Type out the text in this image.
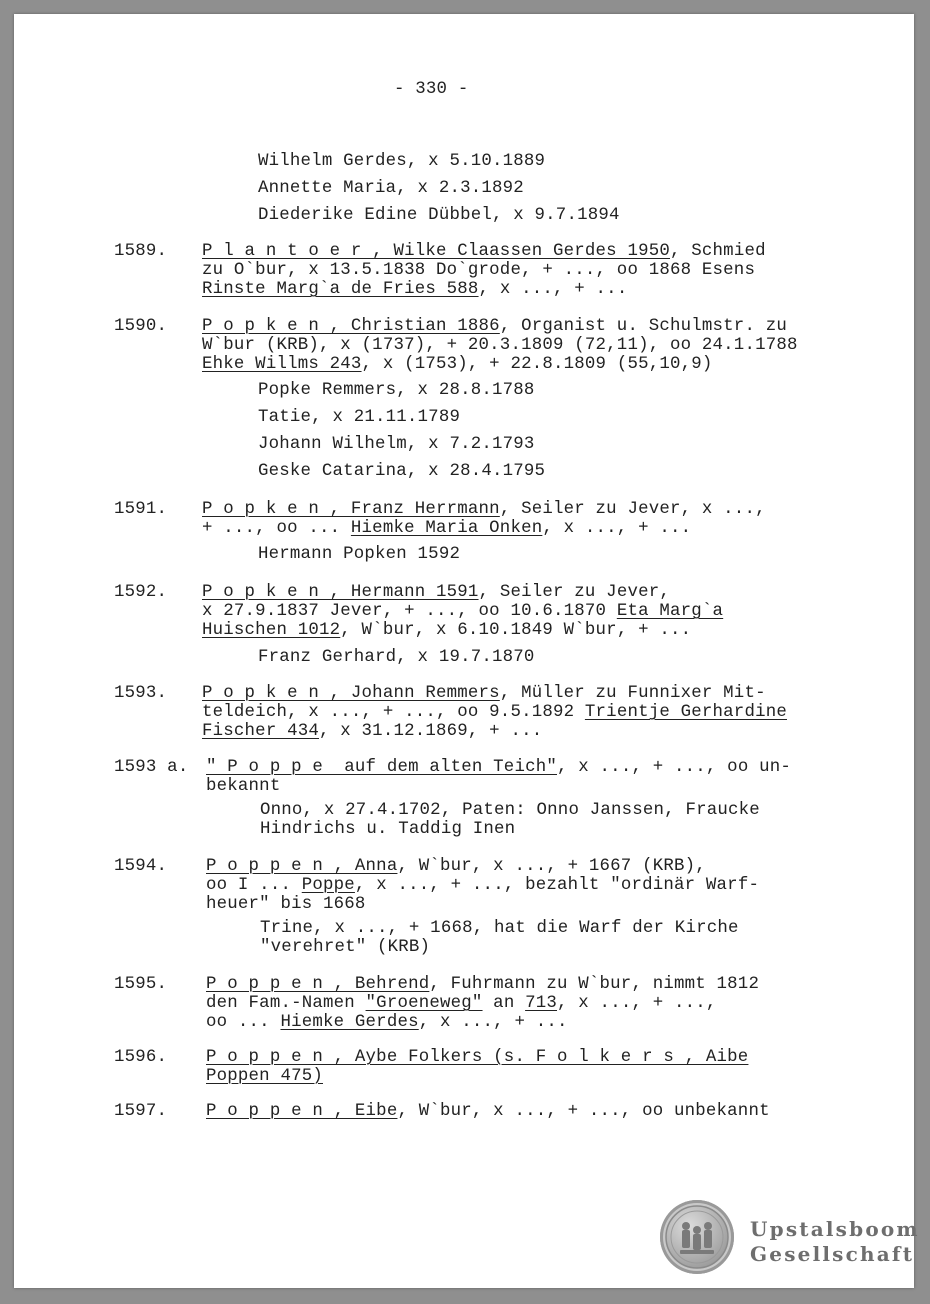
- 330 -
Wilhelm Gerdes, x 5.10.1889
Annette Maria, x 2.3.1892
Diederike Edine Dübbel, x 9.7.1894
1589. P l a n t o e r , Wilke Claassen Gerdes 1950, Schmied
zu O`bur, x 13.5.1838 Do`grode, + ..., oo 1868 Esens
Rinste Marg`a de Fries 588, x ..., + ...
1590. P o p k e n , Christian 1886, Organist u. Schulmstr. zu
W`bur (KRB), x (1737), + 20.3.1809 (72,11), oo 24.1.1788
Ehke Willms 243, x (1753), + 22.8.1809 (55,10,9)
Popke Remmers, x 28.8.1788
Tatie, x 21.11.1789
Johann Wilhelm, x 7.2.1793
Geske Catarina, x 28.4.1795
1591. P o p k e n , Franz Herrmann, Seiler zu Jever, x ...,
+ ..., oo ... Hiemke Maria Onken, x ..., + ...
Hermann Popken 1592
1592. P o p k e n , Hermann 1591, Seiler zu Jever,
x 27.9.1837 Jever, + ..., oo 10.6.1870 Eta Marg`a
Huischen 1012, W`bur, x 6.10.1849 W`bur, + ...
Franz Gerhard, x 19.7.1870
1593. P o p k e n , Johann Remmers, Müller zu Funnixer Mit-
teldeich, x ..., + ..., oo 9.5.1892 Trientje Gerhardine
Fischer 434, x 31.12.1869, + ...
1593 a. " P o p p e  auf dem alten Teich", x ..., + ..., oo un-
bekannt
Onno, x 27.4.1702, Paten: Onno Janssen, Fraucke
Hindrichs u. Taddig Inen
1594. P o p p e n , Anna, W`bur, x ..., + 1667 (KRB),
oo I ... Poppe, x ..., + ..., bezahlt "ordinär Warf-
heuer" bis 1668
Trine, x ..., + 1668, hat die Warf der Kirche
"verehret" (KRB)
1595. P o p p e n , Behrend, Fuhrmann zu W`bur, nimmt 1812
den Fam.-Namen "Groeneweg" an 713, x ..., + ...,
oo ... Hiemke Gerdes, x ..., + ...
1596. P o p p e n , Aybe Folkers (s. F o l k e r s , Aibe
Poppen 475)
1597. P o p p e n , Eibe, W`bur, x ..., + ..., oo unbekannt
Upstalsboom
Gesellschaft
